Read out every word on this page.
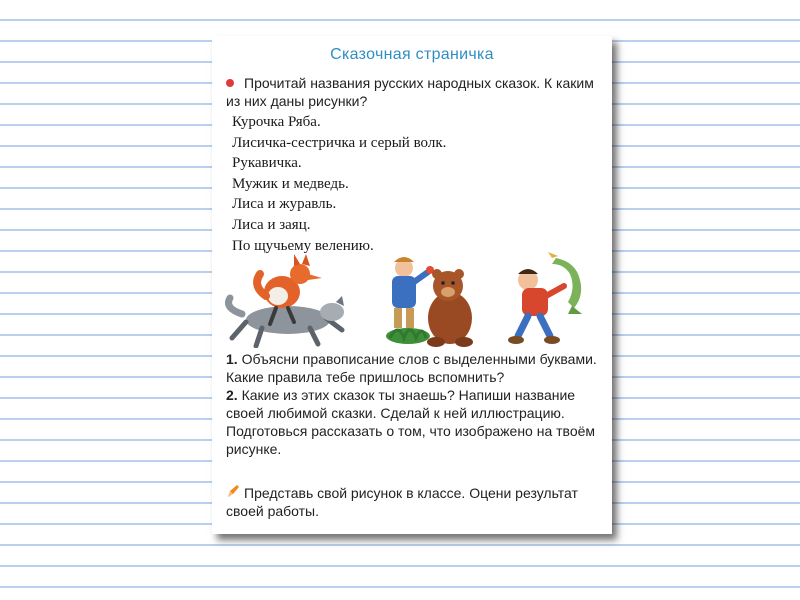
Сказочная страничка
Прочитай названия русских народных сказок. К каким из них даны рисунки?
Курочка Ряба.
Лисичка-сестричка и серый волк.
Рукавичка.
Мужик и медведь.
Лиса и журавль.
Лиса и заяц.
По щучьему велению.

1. Объясни правописание слов с выделенными буквами. Какие правила тебе пришлось вспомнить?

2. Какие из этих сказок ты знаешь? Напиши название своей любимой сказки. Сделай к ней иллюстрацию. Подготовься рассказать о том, что изображено на твоём рисунке.

Представь свой рисунок в классе. Оцени результат своей работы.
